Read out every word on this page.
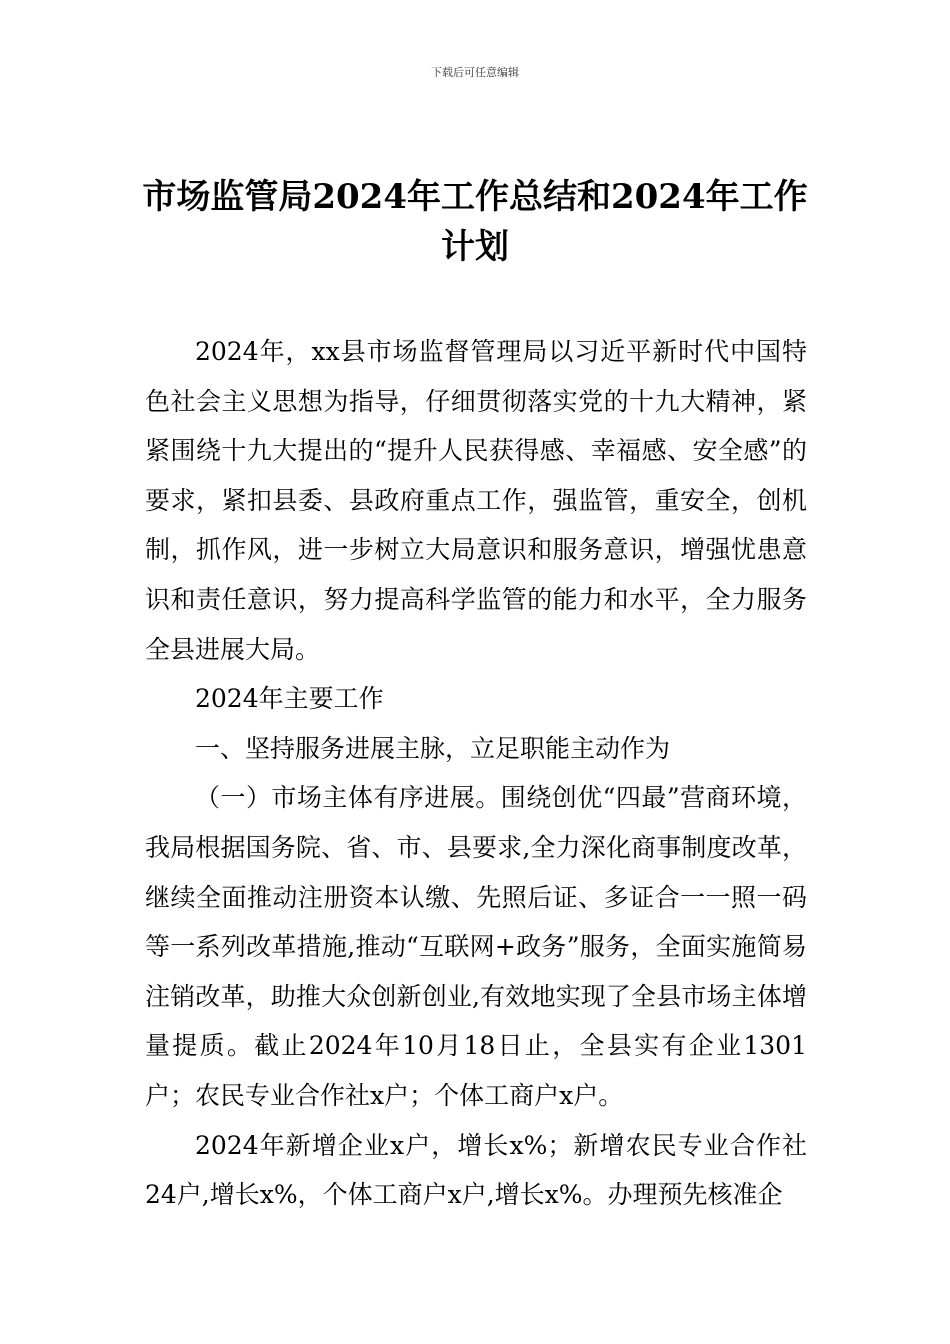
下载后可任意编辑
市场监管局2024年工作总结和2024年工作计划

2024年，xx县市场监督管理局以习近平新时代中国特色社会主义思想为指导，仔细贯彻落实党的十九大精神，紧紧围绕十九大提出的“提升人民获得感、幸福感、安全感”的要求，紧扣县委、县政府重点工作，强监管，重安全，创机制，抓作风，进一步树立大局意识和服务意识，增强忧患意识和责任意识，努力提高科学监管的能力和水平，全力服务全县进展大局。

2024年主要工作

一、坚持服务进展主脉，立足职能主动作为

（一）市场主体有序进展。围绕创优“四最”营商环境，我局根据国务院、省、市、县要求,全力深化商事制度改革，继续全面推动注册资本认缴、先照后证、多证合一一照一码等一系列改革措施,推动“互联网+政务”服务，全面实施简易注销改革，助推大众创新创业,有效地实现了全县市场主体增量提质。截止2024年10月18日止，全县实有企业1301户；农民专业合作社x户；个体工商户x户。

2024年新增企业x户，增长x%；新增农民专业合作社24户,增长x%，个体工商户x户,增长x%。办理预先核准企
